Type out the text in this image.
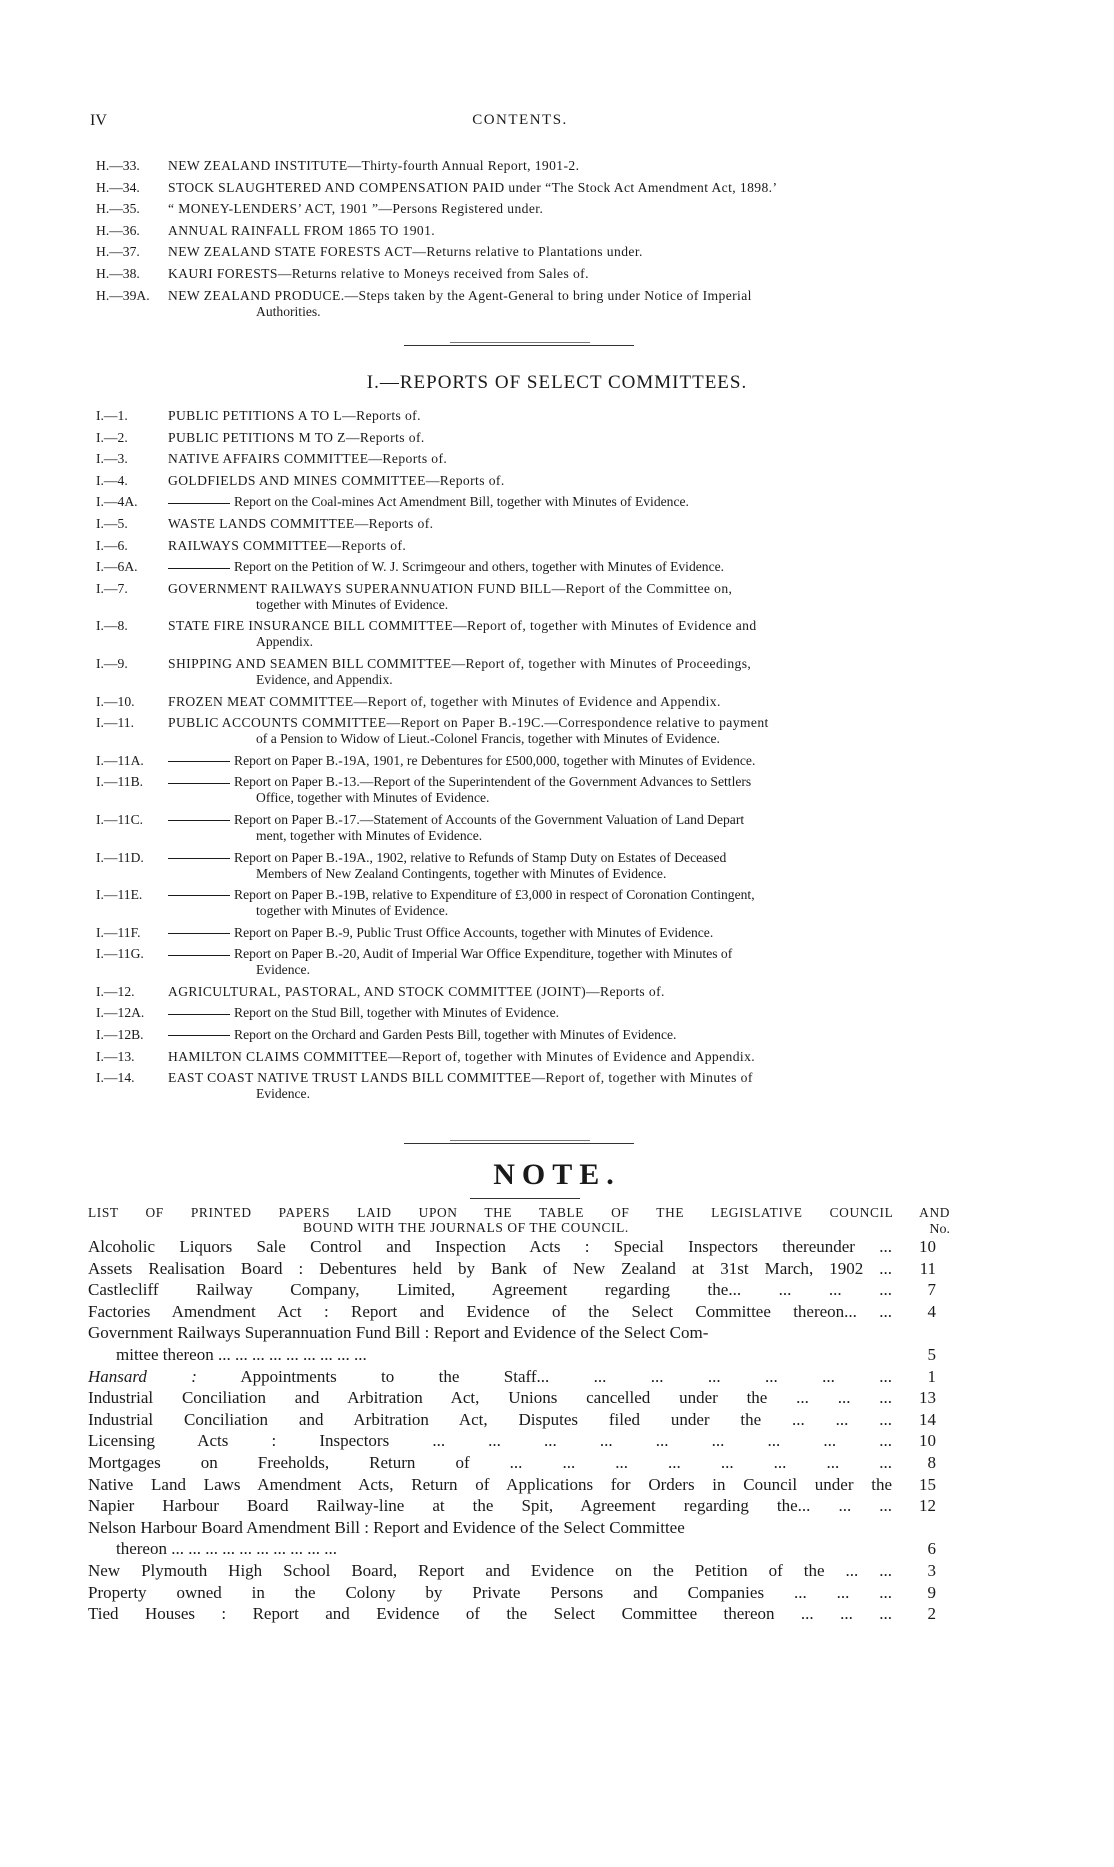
IV	CONTENTS.
H.—33.	NEW ZEALAND INSTITUTE—Thirty-fourth Annual Report, 1901-2.
H.—34.	STOCK SLAUGHTERED AND COMPENSATION PAID under “The Stock Act Amendment Act, 1898.’
H.—35.	“ MONEY-LENDERS’ ACT, 1901 ”—Persons Registered under.
H.—36.	ANNUAL RAINFALL FROM 1865 TO 1901.
H.—37.	NEW ZEALAND STATE FORESTS ACT—Returns relative to Plantations under.
H.—38.	KAURI FORESTS—Returns relative to Moneys received from Sales of.
H.—39A.	NEW ZEALAND PRODUCE.—Steps taken by the Agent-General to bring under Notice of Imperial
Authorities.
I.—REPORTS OF SELECT COMMITTEES.
I.—1.	PUBLIC PETITIONS A TO L—Reports of.
I.—2.	PUBLIC PETITIONS M TO Z—Reports of.
I.—3.	NATIVE AFFAIRS COMMITTEE—Reports of.
I.—4.	GOLDFIELDS AND MINES COMMITTEE—Reports of.
I.—4A.	Report on the Coal-mines Act Amendment Bill, together with Minutes of Evidence.
I.—5.	WASTE LANDS COMMITTEE—Reports of.
I.—6.	RAILWAYS COMMITTEE—Reports of.
I.—6A.	Report on the Petition of W. J. Scrimgeour and others, together with Minutes of Evidence.
I.—7.	GOVERNMENT RAILWAYS SUPERANNUATION FUND BILL—Report of the Committee on,
together with Minutes of Evidence.
I.—8.	STATE FIRE INSURANCE BILL COMMITTEE—Report of, together with Minutes of Evidence and
Appendix.
I.—9.	SHIPPING AND SEAMEN BILL COMMITTEE—Report of, together with Minutes of Proceedings,
Evidence, and Appendix.
I.—10.	FROZEN MEAT COMMITTEE—Report of, together with Minutes of Evidence and Appendix.
I.—11.	PUBLIC ACCOUNTS COMMITTEE—Report on Paper B.-19C.—Correspondence relative to payment
of a Pension to Widow of Lieut.-Colonel Francis, together with Minutes of Evidence.
I.—11A.	Report on Paper B.-19A, 1901, re Debentures for £500,000, together with Minutes of Evidence.
I.—11B.	Report on Paper B.-13.—Report of the Superintendent of the Government Advances to Settlers
Office, together with Minutes of Evidence.
I.—11C.	Report on Paper B.-17.—Statement of Accounts of the Government Valuation of Land Depart
ment, together with Minutes of Evidence.
I.—11D.	Report on Paper B.-19A., 1902, relative to Refunds of Stamp Duty on Estates of Deceased
Members of New Zealand Contingents, together with Minutes of Evidence.
I.—11E.	Report on Paper B.-19B, relative to Expenditure of £3,000 in respect of Coronation Contingent,
together with Minutes of Evidence.
I.—11F.	Report on Paper B.-9, Public Trust Office Accounts, together with Minutes of Evidence.
I.—11G.	Report on Paper B.-20, Audit of Imperial War Office Expenditure, together with Minutes of
Evidence.
I.—12.	AGRICULTURAL, PASTORAL, AND STOCK COMMITTEE (JOINT)—Reports of.
I.—12A.	Report on the Stud Bill, together with Minutes of Evidence.
I.—12B.	Report on the Orchard and Garden Pests Bill, together with Minutes of Evidence.
I.—13.	HAMILTON CLAIMS COMMITTEE—Report of, together with Minutes of Evidence and Appendix.
I.—14.	EAST COAST NATIVE TRUST LANDS BILL COMMITTEE—Report of, together with Minutes of
Evidence.
NOTE.
LIST OF PRINTED PAPERS LAID UPON THE TABLE OF THE LEGISLATIVE COUNCIL AND
BOUND WITH THE JOURNALS OF THE COUNCIL.	No.
Alcoholic Liquors Sale Control and Inspection Acts : Special Inspectors thereunder ... 10
Assets Realisation Board : Debentures held by Bank of New Zealand at 31st March, 1902 ... 11
Castlecliff Railway Company, Limited, Agreement regarding the... ... ... ... 7
Factories Amendment Act : Report and Evidence of the Select Committee thereon... ... 4
Government Railways Superannuation Fund Bill : Report and Evidence of the Select Com-
mittee thereon ... ... ... ... ... ... ... ... ...	5
Hansard :	Appointments to the Staff... ... ... ... ... ... ... 1
Industrial Conciliation and Arbitration Act, Unions cancelled under the ... ... ... 13
Industrial Conciliation and Arbitration Act, Disputes filed under the ... ... ... 14
Licensing Acts : Inspectors ... ... ... ... ... ... ... ... ... 10
Mortgages on Freeholds, Return of ... ... ... ... ... ... ... ... 8
Native Land Laws Amendment Acts, Return of Applications for Orders in Council under the 15
Napier Harbour Board Railway-line at the Spit, Agreement regarding the... ... ... 12
Nelson Harbour Board Amendment Bill : Report and Evidence of the Select Committee
thereon ... ... ... ... ... ... ... ... ... ...	6
New Plymouth High School Board, Report and Evidence on the Petition of the ... ... 3
Property owned in the Colony by Private Persons and Companies ... ... ... 9
Tied Houses : Report and Evidence of the Select Committee thereon ... ... ... 2
